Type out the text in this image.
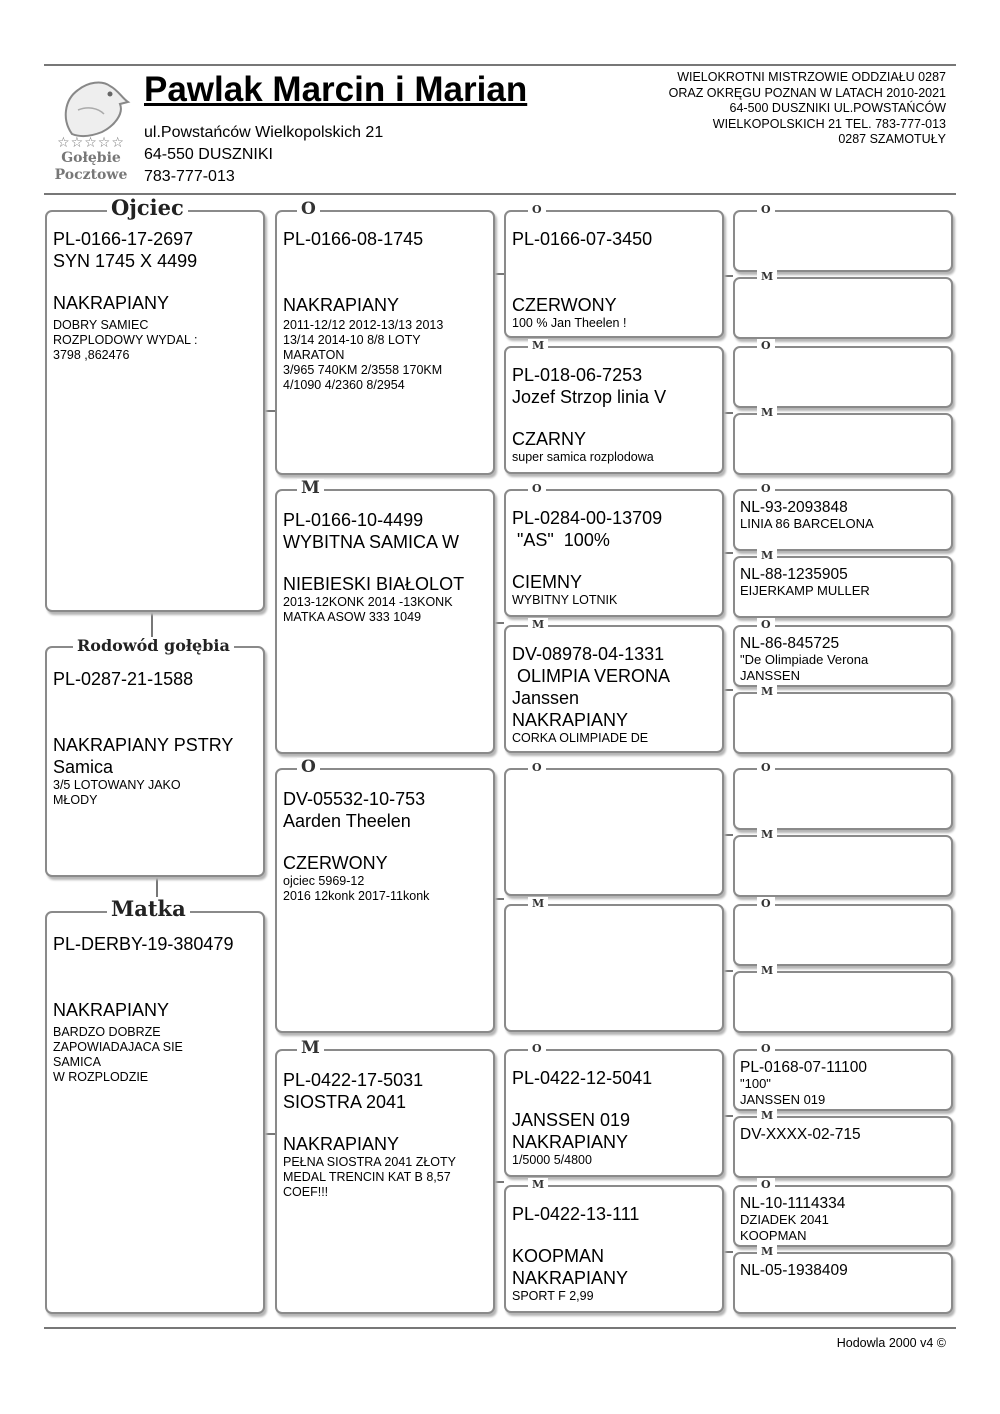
☆☆☆☆☆
Gołębie
Pocztowe
Pawlak Marcin i Marian
ul.Powstańców Wielkopolskich 21
64-550 DUSZNIKI
783-777-013
WIELOKROTNI MISTRZOWIE ODDZIAŁU 0287
ORAZ OKRĘGU POZNAN W LATACH 2010-2021
64-500 DUSZNIKI UL.POWSTAŃCÓW
WIELKOPOLSKICH 21 TEL. 783-777-013
0287 SZAMOTUŁY
Ojciec
PL-0166-17-2697
SYN 1745 X 4499
NAKRAPIANY
DOBRY SAMIEC
ROZPLODOWY WYDAL :
3798 ,862476
Rodowód gołębia
PL-0287-21-1588
NAKRAPIANY PSTRY
Samica
3/5 LOTOWANY JAKO
MŁODY
Matka
PL-DERBY-19-380479
NAKRAPIANY
BARDZO DOBRZE
ZAPOWIADAJACA SIE
SAMICA
W ROZPLODZIE
O
PL-0166-08-1745
NAKRAPIANY
2011-12/12 2012-13/13 2013
13/14 2014-10 8/8 LOTY
MARATON
3/965 740KM 2/3558 170KM
4/1090 4/2360 8/2954
M
PL-0166-10-4499
WYBITNA SAMICA W
NIEBIESKI BIAŁOLOT
2013-12KONK 2014 -13KONK
MATKA ASOW 333 1049
O
DV-05532-10-753
Aarden Theelen
CZERWONY
ojciec 5969-12
2016 12konk 2017-11konk
M
PL-0422-17-5031
SIOSTRA 2041
NAKRAPIANY
PEŁNA SIOSTRA 2041 ZŁOTY
MEDAL TRENCIN KAT B 8,57
COEF!!!
O
PL-0166-07-3450
CZERWONY
100 % Jan Theelen !
M
PL-018-06-7253
Jozef Strzop linia V
CZARNY
super samica rozplodowa
O
PL-0284-00-13709
"AS"  100%
CIEMNY
WYBITNY LOTNIK
M
DV-08978-04-1331
OLIMPIA VERONA
Janssen
NAKRAPIANY
CORKA OLIMPIADE DE
O
M
O
PL-0422-12-5041
JANSSEN 019
NAKRAPIANY
1/5000 5/4800
M
PL-0422-13-111
KOOPMAN
NAKRAPIANY
SPORT F 2,99
O
M
O
M
O
NL-93-2093848
LINIA 86 BARCELONA
M
NL-88-1235905
EIJERKAMP MULLER
O
NL-86-845725
"De Olimpiade Verona
JANSSEN
M
O
M
O
M
O
PL-0168-07-11100
"100"
JANSSEN 019
M
DV-XXXX-02-715
O
NL-10-1114334
DZIADEK 2041
KOOPMAN
M
NL-05-1938409
Hodowla 2000 v4 ©
